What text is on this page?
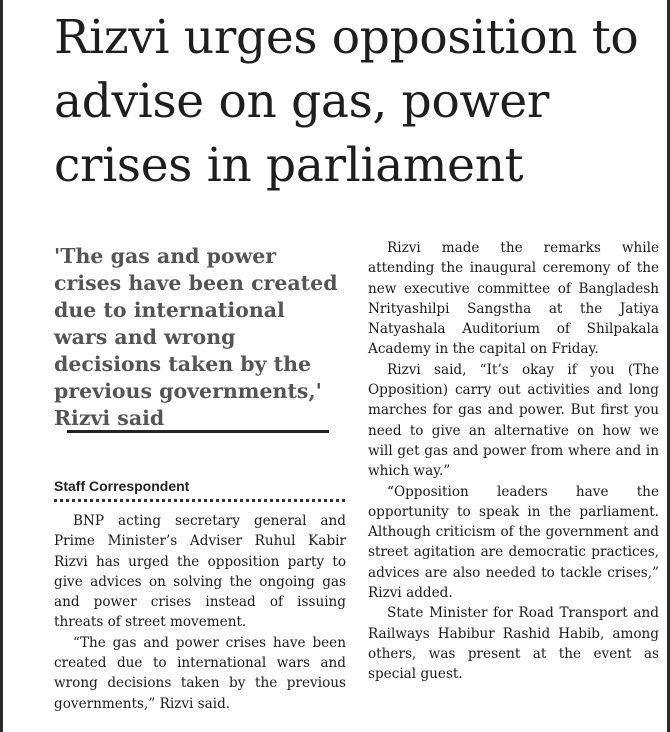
Rizvi urges opposition to advise on gas, power crises in parliament

'The gas and power crises have been created due to international wars and wrong decisions taken by the previous governments,' Rizvi said

Staff Correspondent

BNP acting secretary general and Prime Minister’s Adviser Ruhul Kabir Rizvi has urged the opposition party to give advices on solving the ongoing gas and power crises instead of issuing threats of street movement.

“The gas and power crises have been created due to international wars and wrong decisions taken by the previous governments,” Rizvi said.

Rizvi made the remarks while attending the inaugural ceremony of the new executive committee of Bangladesh Nrityashilpi Sangstha at the Jatiya Natyashala Auditorium of Shilpakala Academy in the capital on Friday.

Rizvi said, “It’s okay if you (The Opposition) carry out activities and long marches for gas and power. But first you need to give an alternative on how we will get gas and power from where and in which way.”

“Opposition leaders have the opportunity to speak in the parliament. Although criticism of the government and street agitation are democratic practices, advices are also needed to tackle crises,” Rizvi added.

State Minister for Road Transport and Railways Habibur Rashid Habib, among others, was present at the event as special guest.
